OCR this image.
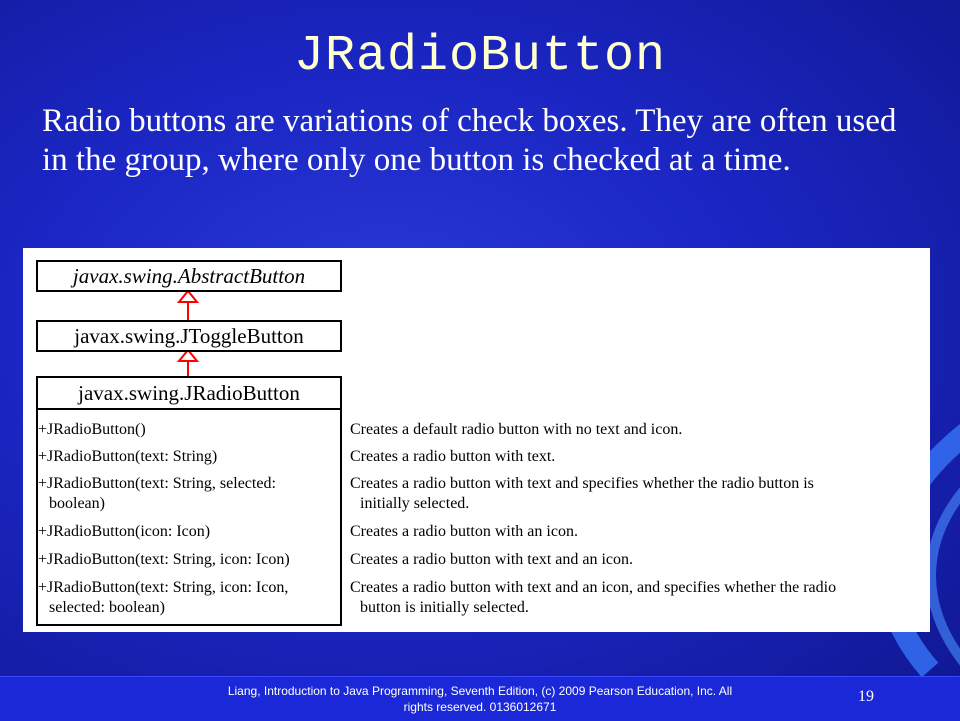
JRadioButton
Radio buttons are variations of check boxes. They are often used in the group, where only one button is checked at a time.
javax.swing.AbstractButton
javax.swing.JToggleButton
javax.swing.JRadioButton
+JRadioButton()
+JRadioButton(text: String)
+JRadioButton(text: String, selected:
boolean)
+JRadioButton(icon: Icon)
+JRadioButton(text: String, icon: Icon)
+JRadioButton(text: String, icon: Icon,
selected: boolean)
Creates a default radio button with no text and icon.
Creates a radio button with text.
Creates a radio button with text and specifies whether the radio button is
initially selected.
Creates a radio button with an icon.
Creates a radio button with text and an icon.
Creates a radio button with text and an icon, and specifies whether the radio
button is initially selected.
Liang, Introduction to Java Programming, Seventh Edition, (c) 2009 Pearson Education, Inc. All
rights reserved. 0136012671
19
